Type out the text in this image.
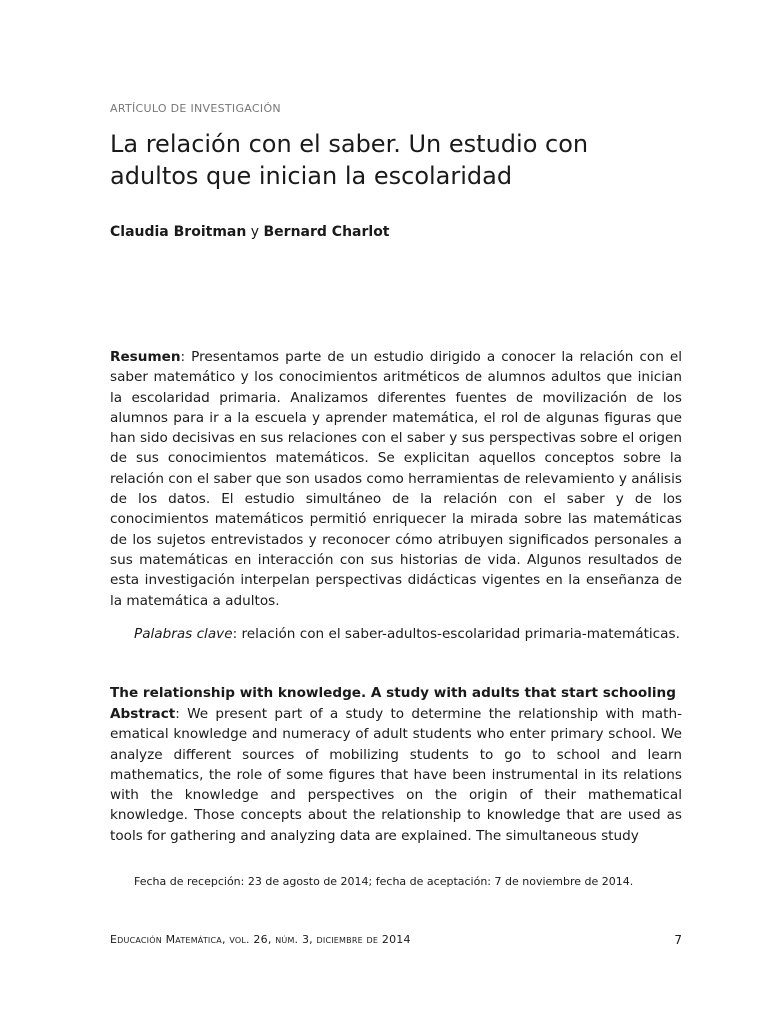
ARTÍCULO DE INVESTIGACIÓN
La relación con el saber. Un estudio con adultos que inician la escolaridad
Claudia Broitman y Bernard Charlot

Resumen: Presentamos parte de un estudio dirigido a conocer la relación con el saber matemático y los conocimientos aritméticos de alumnos adultos que inician la escolaridad primaria. Analizamos diferentes fuentes de movilización de los alumnos para ir a la escuela y aprender matemática, el rol de algunas figuras que han sido decisivas en sus relaciones con el saber y sus perspectivas sobre el origen de sus conocimientos matemáticos. Se explicitan aquellos conceptos sobre la relación con el saber que son usados como herramientas de relevamiento y análisis de los datos. El estudio simultáneo de la relación con el saber y de los conocimientos matemáticos permitió enriquecer la mirada sobre las matemáticas de los sujetos entrevistados y reconocer cómo atribuyen significados personales a sus matemáticas en interacción con sus historias de vida. Algunos resultados de esta investigación interpelan perspectivas didácticas vigentes en la enseñanza de la matemática a adultos.

Palabras clave: relación con el saber-adultos-escolaridad primaria-matemáticas.

The relationship with knowledge. A study with adults that start schooling

Abstract: We present part of a study to determine the relationship with mathematical knowledge and numeracy of adult students who enter primary school. We analyze different sources of mobilizing students to go to school and learn mathematics, the role of some figures that have been instrumental in its relations with the knowledge and perspectives on the origin of their mathematical knowledge. Those concepts about the relationship to knowledge that are used as tools for gathering and analyzing data are explained. The simultaneous study

Fecha de recepción: 23 de agosto de 2014; fecha de aceptación: 7 de noviembre de 2014.
Educación Matemática, vol. 26, núm. 3, diciembre de 2014	7
